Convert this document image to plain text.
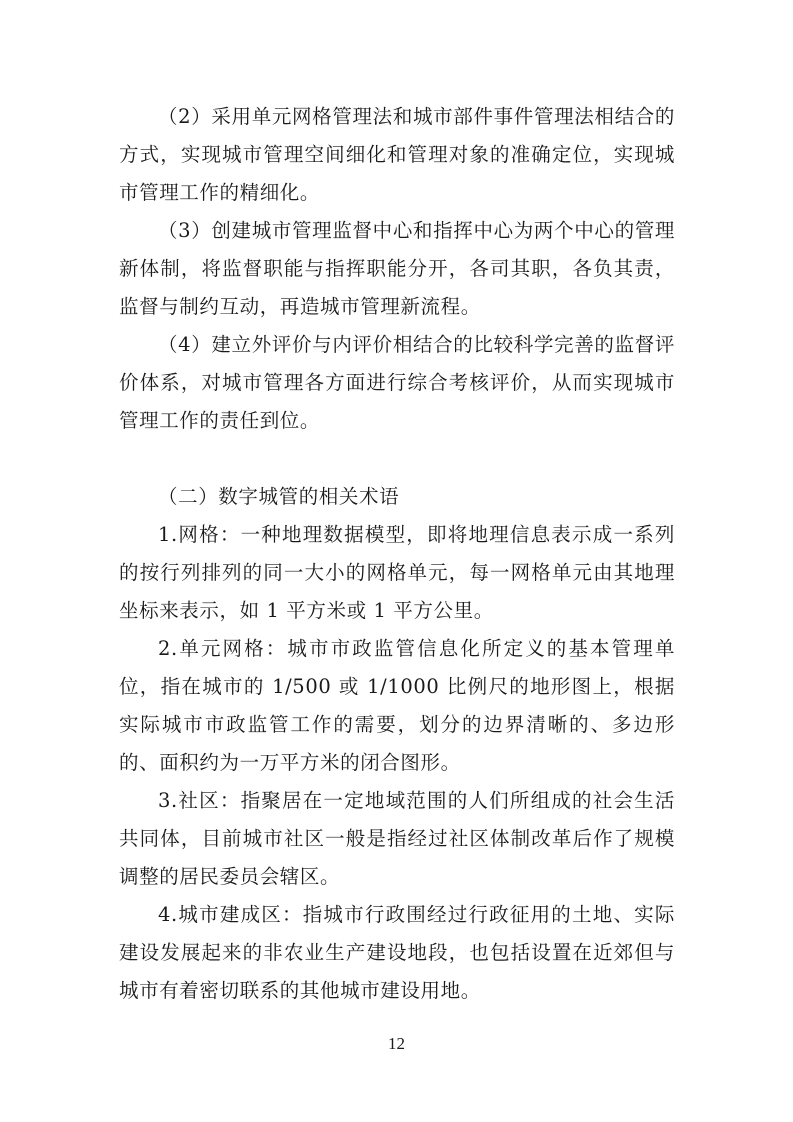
（2）采用单元网格管理法和城市部件事件管理法相结合的方式，实现城市管理空间细化和管理对象的准确定位，实现城市管理工作的精细化。

（3）创建城市管理监督中心和指挥中心为两个中心的管理新体制，将监督职能与指挥职能分开，各司其职，各负其责，监督与制约互动，再造城市管理新流程。

（4）建立外评价与内评价相结合的比较科学完善的监督评价体系，对城市管理各方面进行综合考核评价，从而实现城市管理工作的责任到位。

（二）数字城管的相关术语

1.网格：一种地理数据模型，即将地理信息表示成一系列的按行列排列的同一大小的网格单元，每一网格单元由其地理坐标来表示，如 1 平方米或 1 平方公里。

2.单元网格：城市市政监管信息化所定义的基本管理单位，指在城市的 1/500 或 1/1000 比例尺的地形图上，根据实际城市市政监管工作的需要，划分的边界清晰的、多边形的、面积约为一万平方米的闭合图形。

3.社区：指聚居在一定地域范围的人们所组成的社会生活共同体，目前城市社区一般是指经过社区体制改革后作了规模调整的居民委员会辖区。

4.城市建成区：指城市行政围经过行政征用的土地、实际建设发展起来的非农业生产建设地段，也包括设置在近郊但与城市有着密切联系的其他城市建设用地。

12
